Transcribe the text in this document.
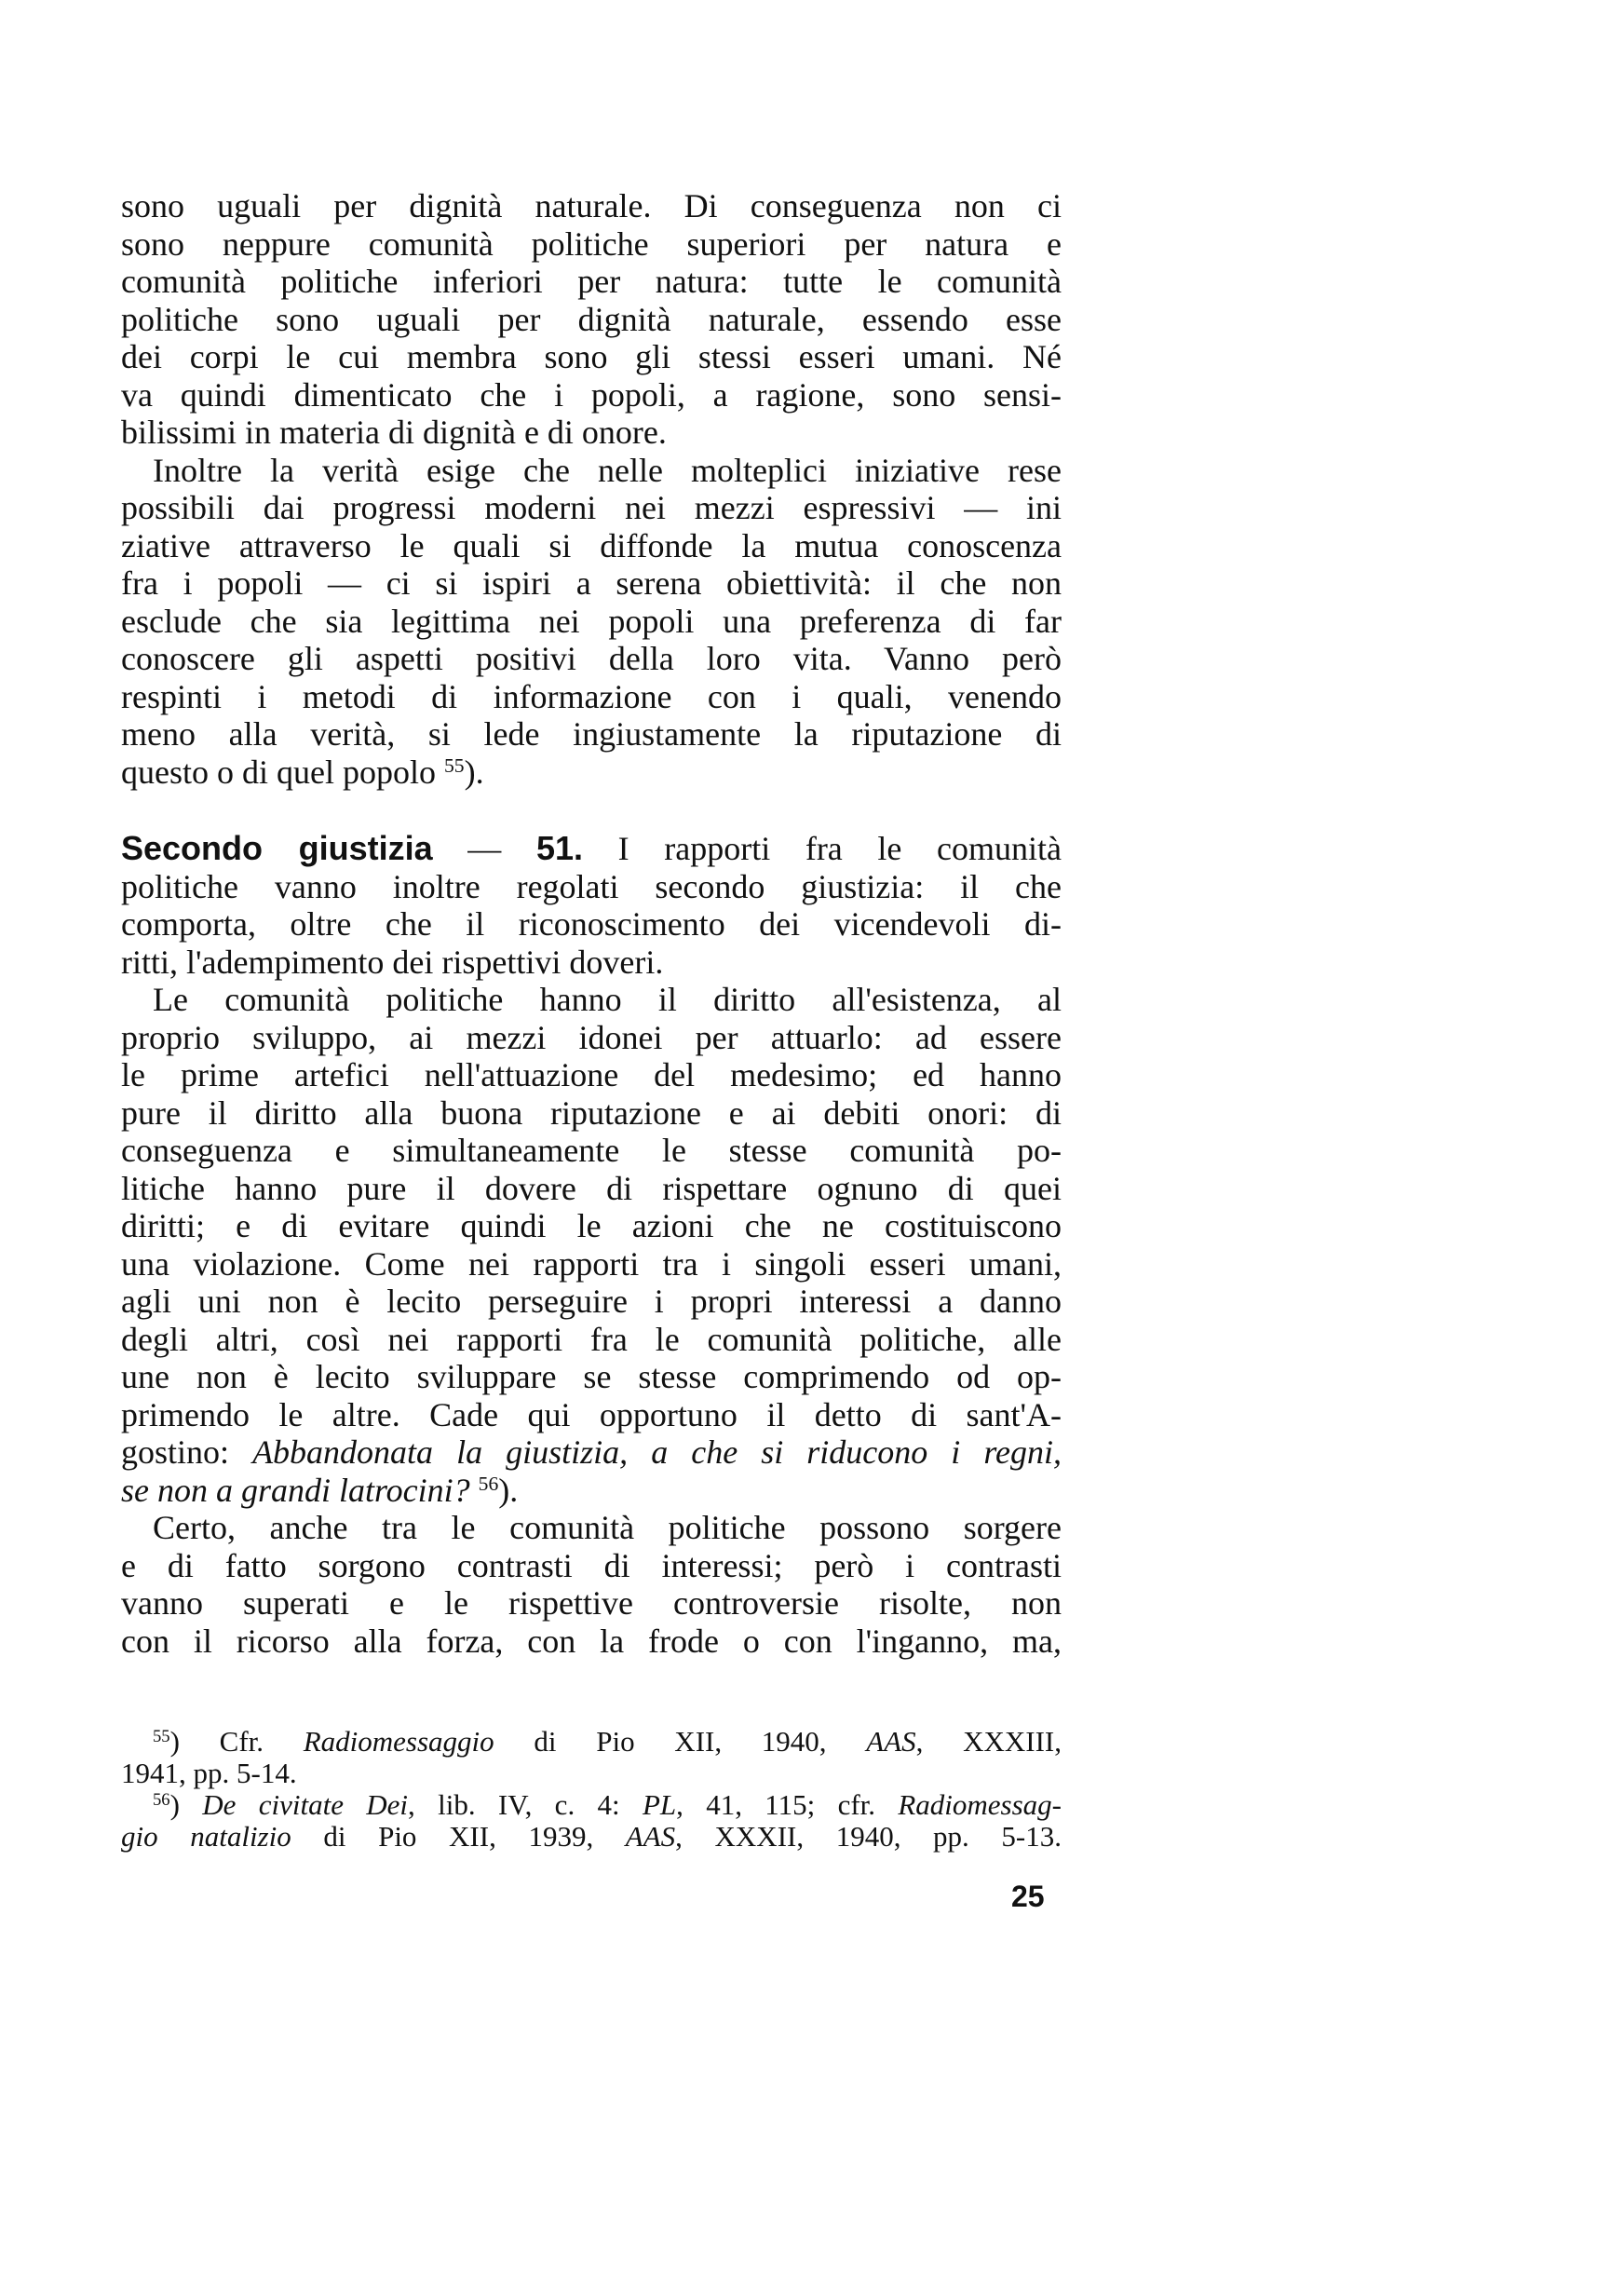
sono uguali per dignità naturale. Di conseguenza non ci
sono neppure comunità politiche superiori per natura e
comunità politiche inferiori per natura: tutte le comunità
politiche sono uguali per dignità naturale, essendo esse
dei corpi le cui membra sono gli stessi esseri umani. Né
va quindi dimenticato che i popoli, a ragione, sono sensi-
bilissimi in materia di dignità e di onore.
Inoltre la verità esige che nelle molteplici iniziative rese
possibili dai progressi moderni nei mezzi espressivi — ini
ziative attraverso le quali si diffonde la mutua conoscenza
fra i popoli — ci si ispiri a serena obiettività: il che non
esclude che sia legittima nei popoli una preferenza di far
conoscere gli aspetti positivi della loro vita. Vanno però
respinti i metodi di informazione con i quali, venendo
meno alla verità, si lede ingiustamente la riputazione di
questo o di quel popolo $^{55}$).
Secondo giustizia — 51. I rapporti fra le comunità
politiche vanno inoltre regolati secondo giustizia: il che
comporta, oltre che il riconoscimento dei vicendevoli di-
ritti, l'adempimento dei rispettivi doveri.
Le comunità politiche hanno il diritto all'esistenza, al
proprio sviluppo, ai mezzi idonei per attuarlo: ad essere
le prime artefici nell'attuazione del medesimo; ed hanno
pure il diritto alla buona riputazione e ai debiti onori: di
conseguenza e simultaneamente le stesse comunità po-
litiche hanno pure il dovere di rispettare ognuno di quei
diritti; e di evitare quindi le azioni che ne costituiscono
una violazione. Come nei rapporti tra i singoli esseri umani,
agli uni non è lecito perseguire i propri interessi a danno
degli altri, così nei rapporti fra le comunità politiche, alle
une non è lecito sviluppare se stesse comprimendo od op-
primendo le altre. Cade qui opportuno il detto di sant'A-
gostino: Abbandonata la giustizia, a che si riducono i regni,
se non a grandi latrocini? $^{56}$).
Certo, anche tra le comunità politiche possono sorgere
e di fatto sorgono contrasti di interessi; però i contrasti
vanno superati e le rispettive controversie risolte, non
con il ricorso alla forza, con la frode o con l'inganno, ma,
$^{55}$) Cfr. Radiomessaggio di Pio XII, 1940, AAS, XXXIII,
1941, pp. 5-14.
$^{56}$) De civitate Dei, lib. IV, c. 4: PL, 41, 115; cfr. Radiomessag-
gio natalizio di Pio XII, 1939, AAS, XXXII, 1940, pp. 5-13.
25
